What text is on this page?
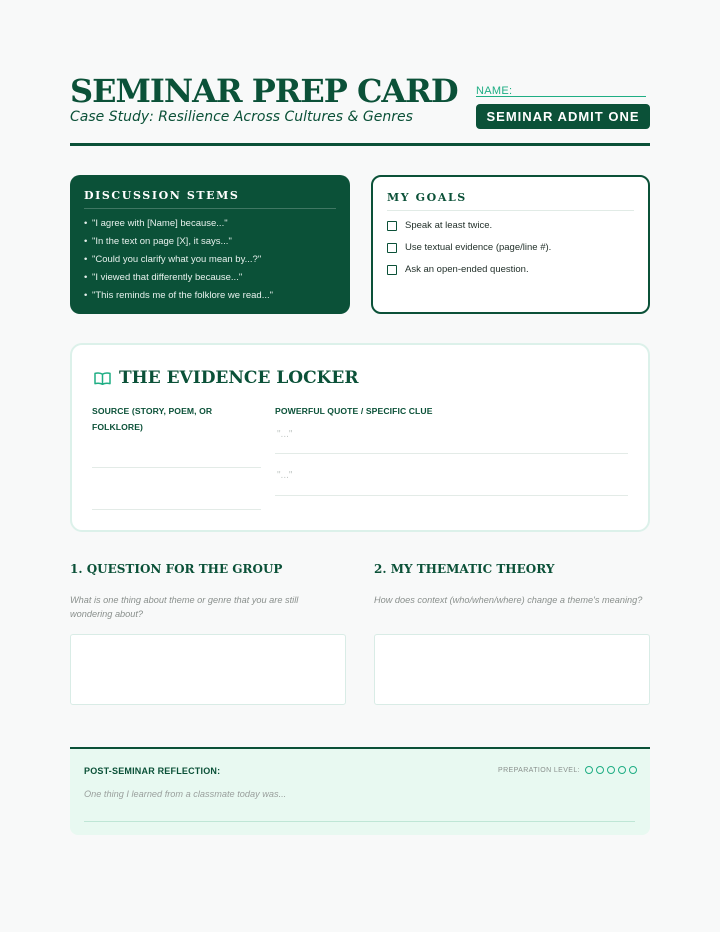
SEMINAR PREP CARD
Case Study: Resilience Across Cultures & Genres
NAME:
SEMINAR ADMIT ONE
DISCUSSION STEMS
• "I agree with [Name] because..."
• "In the text on page [X], it says..."
• "Could you clarify what you mean by...?"
• "I viewed that differently because..."
• "This reminds me of the folklore we read..."
MY GOALS
Speak at least twice.
Use textual evidence (page/line #).
Ask an open-ended question.
THE EVIDENCE LOCKER
SOURCE (STORY, POEM, OR
FOLKLORE)
POWERFUL QUOTE / SPECIFIC CLUE
"..."
"..."
1. QUESTION FOR THE GROUP
What is one thing about theme or genre that you are still wondering about?
2. MY THEMATIC THEORY
How does context (who/when/where) change a theme's meaning?
POST-SEMINAR REFLECTION:	PREPARATION LEVEL:
One thing I learned from a classmate today was...
